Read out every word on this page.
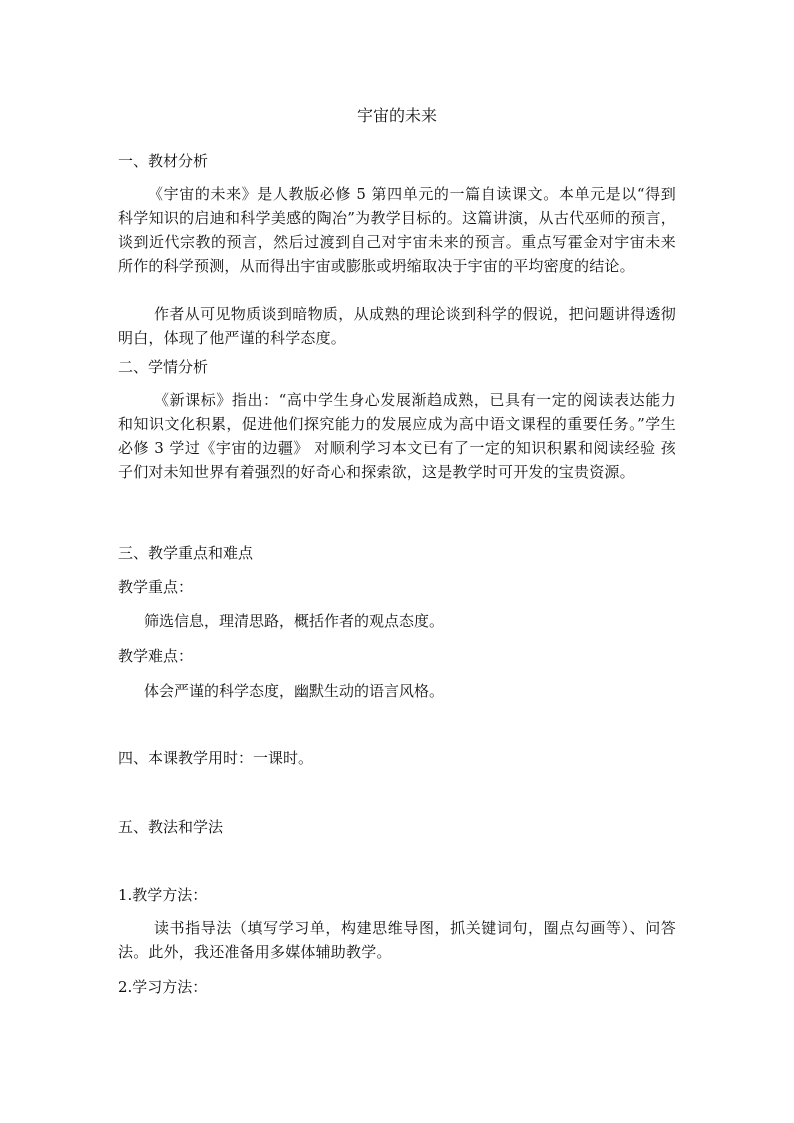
宇宙的未来
一、教材分析

《宇宙的未来》是人教版必修 5 第四单元的一篇自读课文。本单元是以“得到科学知识的启迪和科学美感的陶冶”为教学目标的。这篇讲演，从古代巫师的预言，谈到近代宗教的预言，然后过渡到自己对宇宙未来的预言。重点写霍金对宇宙未来所作的科学预测，从而得出宇宙或膨胀或坍缩取决于宇宙的平均密度的结论。

作者从可见物质谈到暗物质，从成熟的理论谈到科学的假说，把问题讲得透彻明白，体现了他严谨的科学态度。

二、学情分析

《新课标》指出：“高中学生身心发展渐趋成熟，已具有一定的阅读表达能力和知识文化积累，促进他们探究能力的发展应成为高中语文课程的重要任务。”学生必修 3 学过《宇宙的边疆》 对顺利学习本文已有了一定的知识积累和阅读经验 孩子们对未知世界有着强烈的好奇心和探索欲，这是教学时可开发的宝贵资源。

三、教学重点和难点

教学重点：

筛选信息，理清思路，概括作者的观点态度。

教学难点：

体会严谨的科学态度，幽默生动的语言风格。

四、本课教学用时：一课时。
五、教法和学法

1.教学方法：

读书指导法（填写学习单，构建思维导图，抓关键词句，圈点勾画等）、问答法。此外，我还准备用多媒体辅助教学。

2.学习方法：
